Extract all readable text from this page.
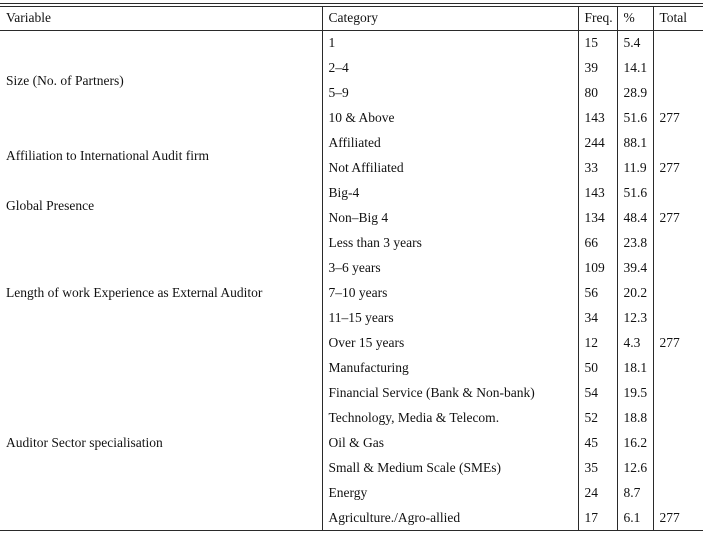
Variable	Category	Freq.	%	Total
Size (No. of Partners)	1	15	5.4	
	2–4	39	14.1	
	5–9	80	28.9	
	10 & Above	143	51.6	277
Affiliation to International Audit firm	Affiliated	244	88.1	
	Not Affiliated	33	11.9	277
Global Presence	Big-4	143	51.6	
	Non–Big 4	134	48.4	277
Length of work Experience as External Auditor	Less than 3 years	66	23.8	
	3–6 years	109	39.4	
	7–10 years	56	20.2	
	11–15 years	34	12.3	
	Over 15 years	12	4.3	277
Auditor Sector specialisation	Manufacturing	50	18.1	
	Financial Service (Bank & Non-bank)	54	19.5	
	Technology, Media & Telecom.	52	18.8	
	Oil & Gas	45	16.2	
	Small & Medium Scale (SMEs)	35	12.6	
	Energy	24	8.7	
	Agriculture./Agro-allied	17	6.1	277
